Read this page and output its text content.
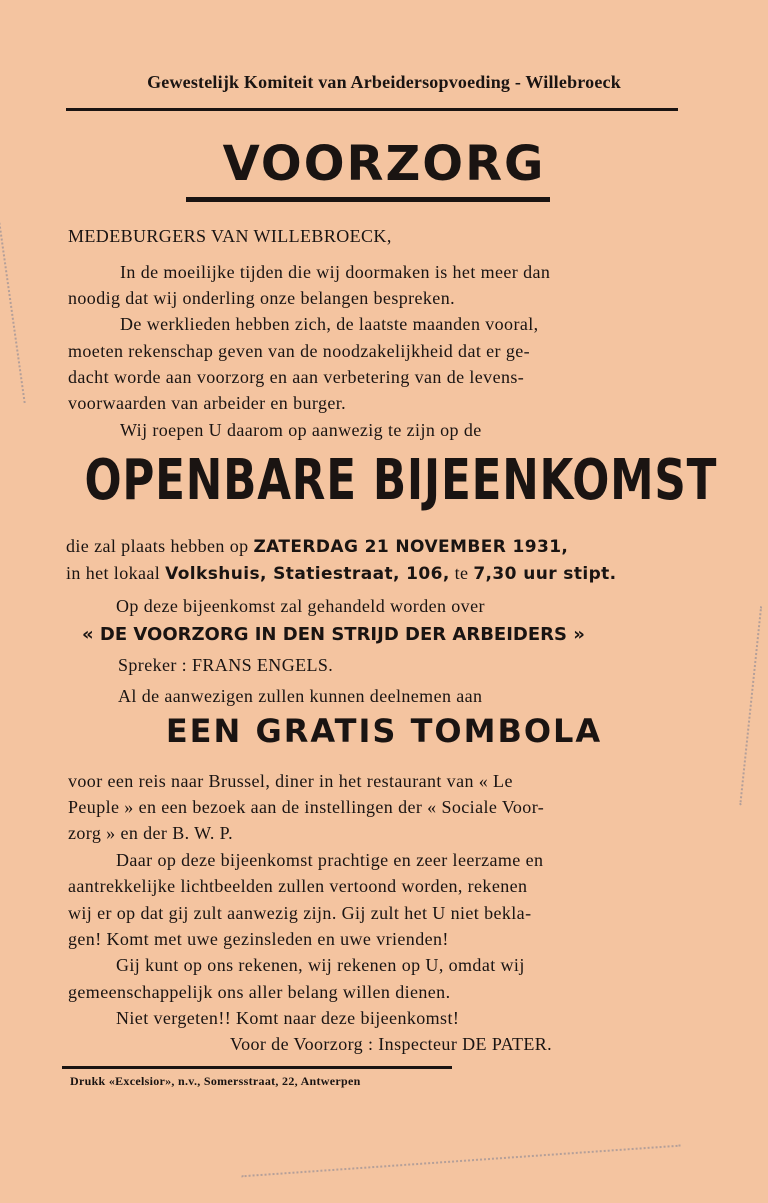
Gewestelijk Komiteit van Arbeidersopvoeding - Willebroeck
VOORZORG
MEDEBURGERS VAN WILLEBROECK,
In de moeilijke tijden die wij doormaken is het meer dan
noodig dat wij onderling onze belangen bespreken.
De werklieden hebben zich, de laatste maanden vooral,
moeten rekenschap geven van de noodzakelijkheid dat er ge-
dacht worde aan voorzorg en aan verbetering van de levens-
voorwaarden van arbeider en burger.
Wij roepen U daarom op aanwezig te zijn op de
OPENBARE BIJEENKOMST
die zal plaats hebben op ZATERDAG 21 NOVEMBER 1931,
in het lokaal Volkshuis, Statiestraat, 106, te 7,30 uur stipt.
Op deze bijeenkomst zal gehandeld worden over
« DE VOORZORG IN DEN STRIJD DER ARBEIDERS »
Spreker : FRANS ENGELS.
Al de aanwezigen zullen kunnen deelnemen aan
EEN GRATIS TOMBOLA
voor een reis naar Brussel, diner in het restaurant van « Le
Peuple » en een bezoek aan de instellingen der « Sociale Voor-
zorg » en der B. W. P.
Daar op deze bijeenkomst prachtige en zeer leerzame en
aantrekkelijke lichtbeelden zullen vertoond worden, rekenen
wij er op dat gij zult aanwezig zijn. Gij zult het U niet bekla-
gen! Komt met uwe gezinsleden en uwe vrienden!
Gij kunt op ons rekenen, wij rekenen op U, omdat wij
gemeenschappelijk ons aller belang willen dienen.
Niet vergeten!! Komt naar deze bijeenkomst!
Voor de Voorzorg : Inspecteur DE PATER.
Drukk «Excelsior», n.v., Somersstraat, 22, Antwerpen
